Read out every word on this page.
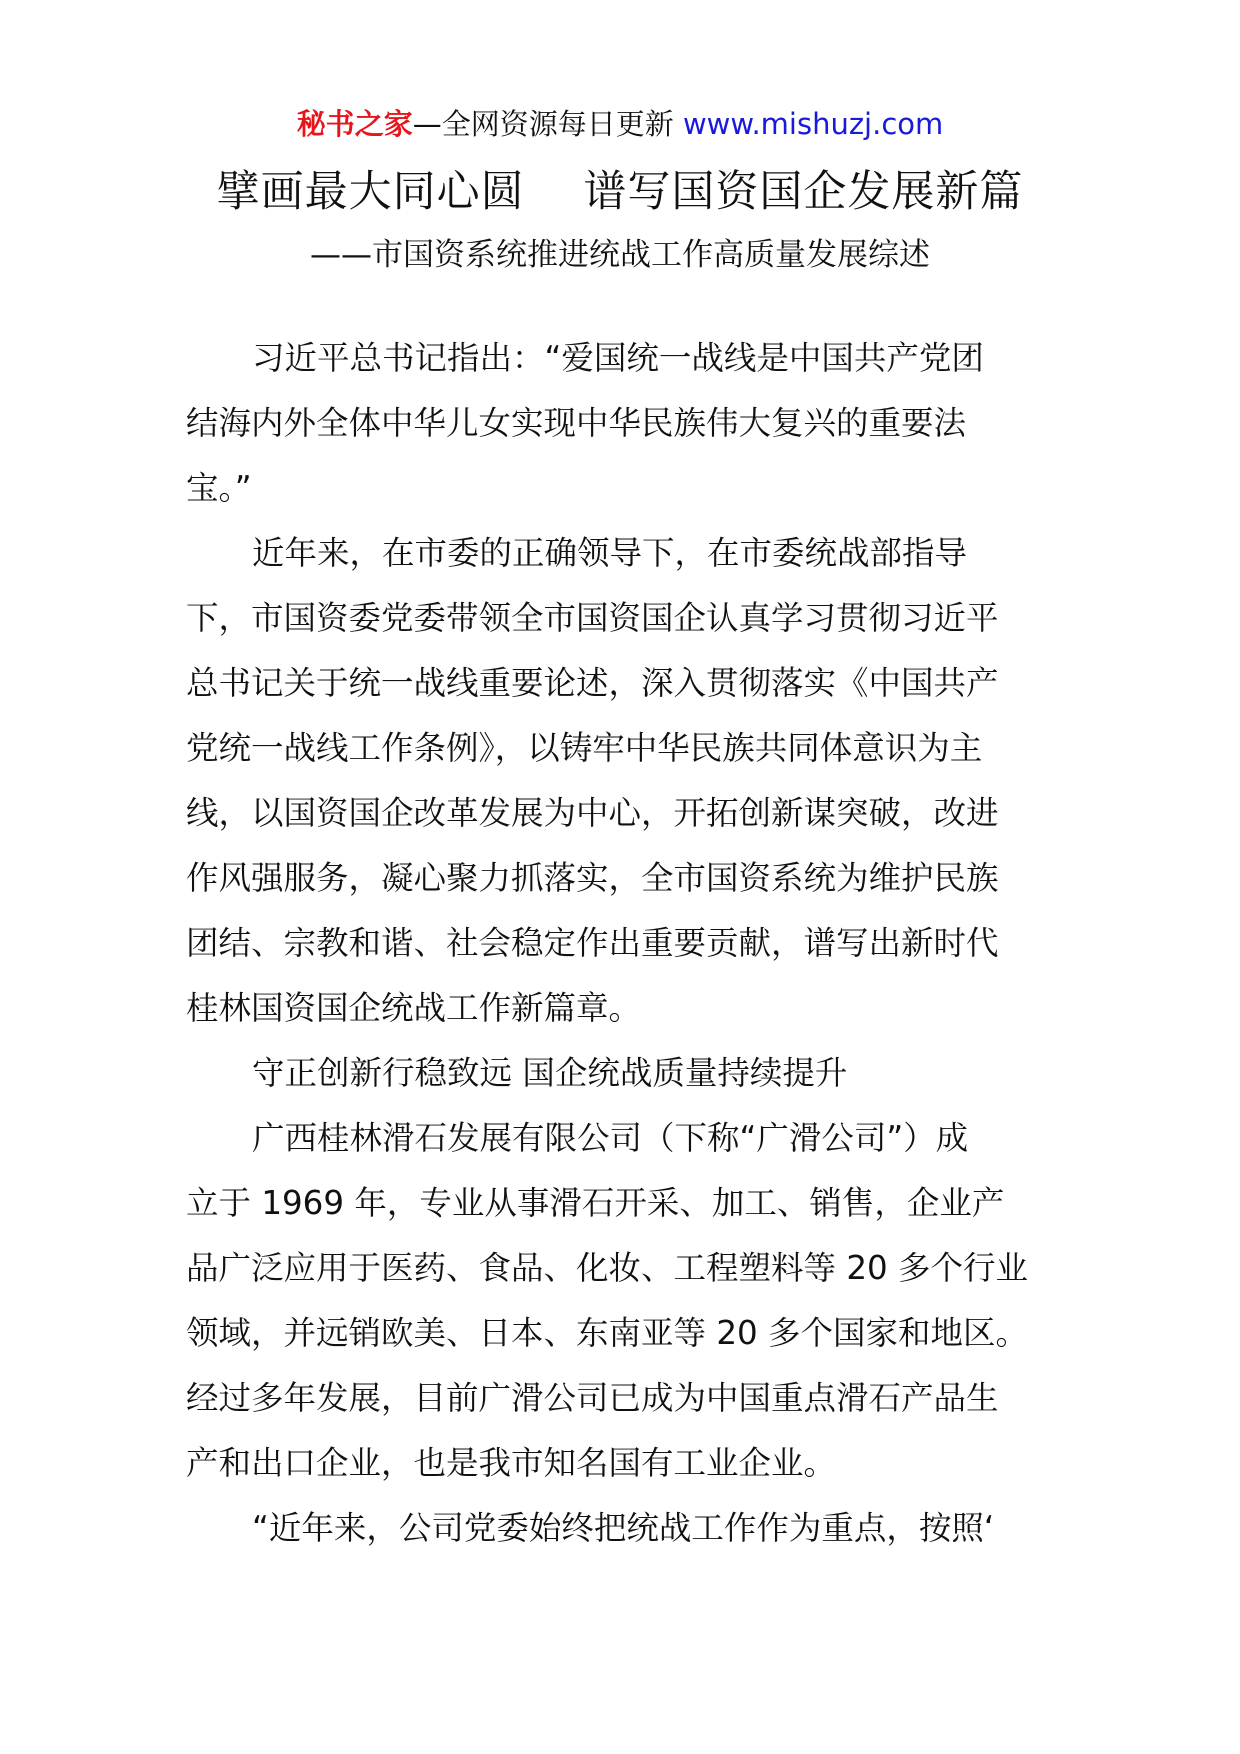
秘书之家—全网资源每日更新 www.mishuzj.com
擘画最大同心圆    谱写国资国企发展新篇
——市国资系统推进统战工作高质量发展综述
习近平总书记指出：“爱国统一战线是中国共产党团
结海内外全体中华儿女实现中华民族伟大复兴的重要法
宝。”
近年来，在市委的正确领导下，在市委统战部指导
下，市国资委党委带领全市国资国企认真学习贯彻习近平
总书记关于统一战线重要论述，深入贯彻落实《中国共产
党统一战线工作条例》，以铸牢中华民族共同体意识为主
线，以国资国企改革发展为中心，开拓创新谋突破，改进
作风强服务，凝心聚力抓落实，全市国资系统为维护民族
团结、宗教和谐、社会稳定作出重要贡献，谱写出新时代
桂林国资国企统战工作新篇章。
守正创新行稳致远 国企统战质量持续提升
广西桂林滑石发展有限公司（下称“广滑公司”）成
立于 1969 年，专业从事滑石开采、加工、销售，企业产
品广泛应用于医药、食品、化妆、工程塑料等 20 多个行业
领域，并远销欧美、日本、东南亚等 20 多个国家和地区。
经过多年发展，目前广滑公司已成为中国重点滑石产品生
产和出口企业，也是我市知名国有工业企业。
“近年来，公司党委始终把统战工作作为重点，按照‘
